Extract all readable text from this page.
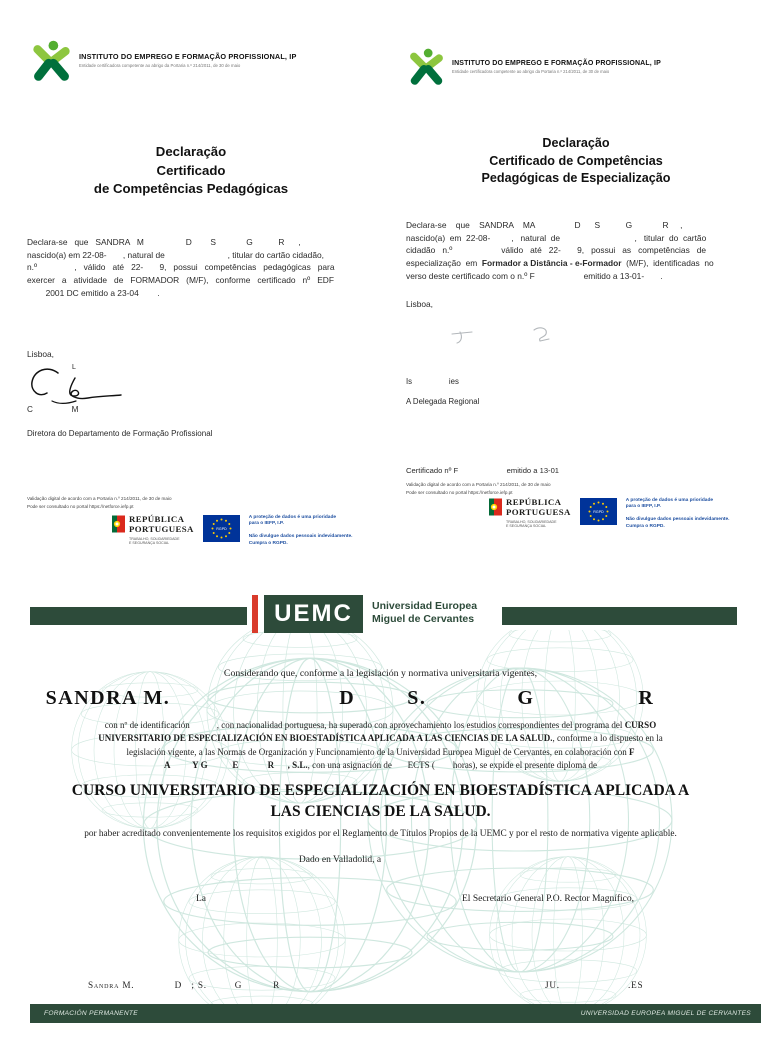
INSTITUTO DO EMPREGO E FORMAÇÃO PROFISSIONAL, IP
Entidade certificadora competente ao abrigo da Portaria n.º 214/2011, de 30 de maio
Declaração
Certificado
de Competências Pedagógicas
Declara-se   que   SANDRA   M                  D        S             G           R      ,
nascido(a) em 22-08-       , natural de                           , titular do cartão cidadão,
n.º                ,   válido   até   22-       9,   possui   competências   pedagógicas   para
exercer   a   atividade   de   FORMADOR   (M/F),   conforme   certificado   nº   EDF
2001 DC emitido a 23-04        .
Lisboa,
L
C                 M
Diretora do Departamento de Formação Profissional
Validação digital de acordo com a Portaria n.º 214/2011, de 30 de maio
Pode ser consultado no portal https://netforce.iefp.pt
REPÚBLICA
PORTUGUESA
TRABALHO, SOLIDARIEDADE
E SEGURANÇA SOCIAL
RGPD
A proteção de dados é uma prioridade
para o IEFP, I.P.

Não divulgue dados pessoais indevidamente.
Cumpra o RGPD.
INSTITUTO DO EMPREGO E FORMAÇÃO PROFISSIONAL, IP
Entidade certificadora competente ao abrigo da Portaria n.º 214/2011, de 30 de maio
Declaração
Certificado de Competências
Pedagógicas de Especialização
Declara-se    que    SANDRA    MA                 D      S           G             R     ,
nascido(a)  em  22-08-         ,   natural  de                                ,   titular  do  cartão
cidadão   n.º                     válido   até   22-       9,   possui   as   competências   de
especialização  em  Formador a Distância - e-Formador  (M/F),  identificadas  no
verso deste certificado com o n.º F                     emitido a 13-01-       .
Lisboa,
Is                 ies
A Delegada Regional
Certificado nº F                       emitido a 13-01
Validação digital de acordo com a Portaria n.º 214/2011, de 30 de maio
Pode ser consultado no portal https://netforce.iefp.pt
REPÚBLICA
PORTUGUESA
TRABALHO, SOLIDARIEDADE
E SEGURANÇA SOCIAL
RGPD
A proteção de dados é uma prioridade
para o IEFP, I.P.

Não divulgue dados pessoais indevidamente.
Cumpra o RGPD.
UEMC	Universidad Europea
Miguel de Cervantes
Considerando que, conforme a la legislación y normativa universitaria vigentes,
SANDRA M.                          D        S.              G                R
con nº de identificación            , con nacionalidad portuguesa, ha superado con aprovechamiento los estudios correspondientes del programa del CURSO
UNIVERSITARIO DE ESPECIALIZACIÓN EN BIOESTADÍSTICA APLICADA A LAS CIENCIAS DE LA SALUD., conforme a lo dispuesto en la
legislación vigente, a las Normas de Organización y Funcionamiento de la Universidad Europea Miguel de Cervantes, en colaboración con F
A          Y G           E             R      , S.L., con una asignación de       ECTS (        horas), se expide el presente diploma de
CURSO UNIVERSITARIO DE ESPECIALIZACIÓN EN BIOESTADÍSTICA APLICADA A
LAS CIENCIAS DE LA SALUD.
por haber acreditado convenientemente los requisitos exigidos por el Reglamento de Títulos Propios de la UEMC y por el resto de normativa vigente aplicable.
Dado en Valladolid, a
La	El Secretario General P.O. Rector Magnífico,
Sandra M.             D   ; S.         G          R	JU.                      .ES
FORMACIÓN PERMANENTE	UNIVERSIDAD EUROPEA MIGUEL DE CERVANTES
